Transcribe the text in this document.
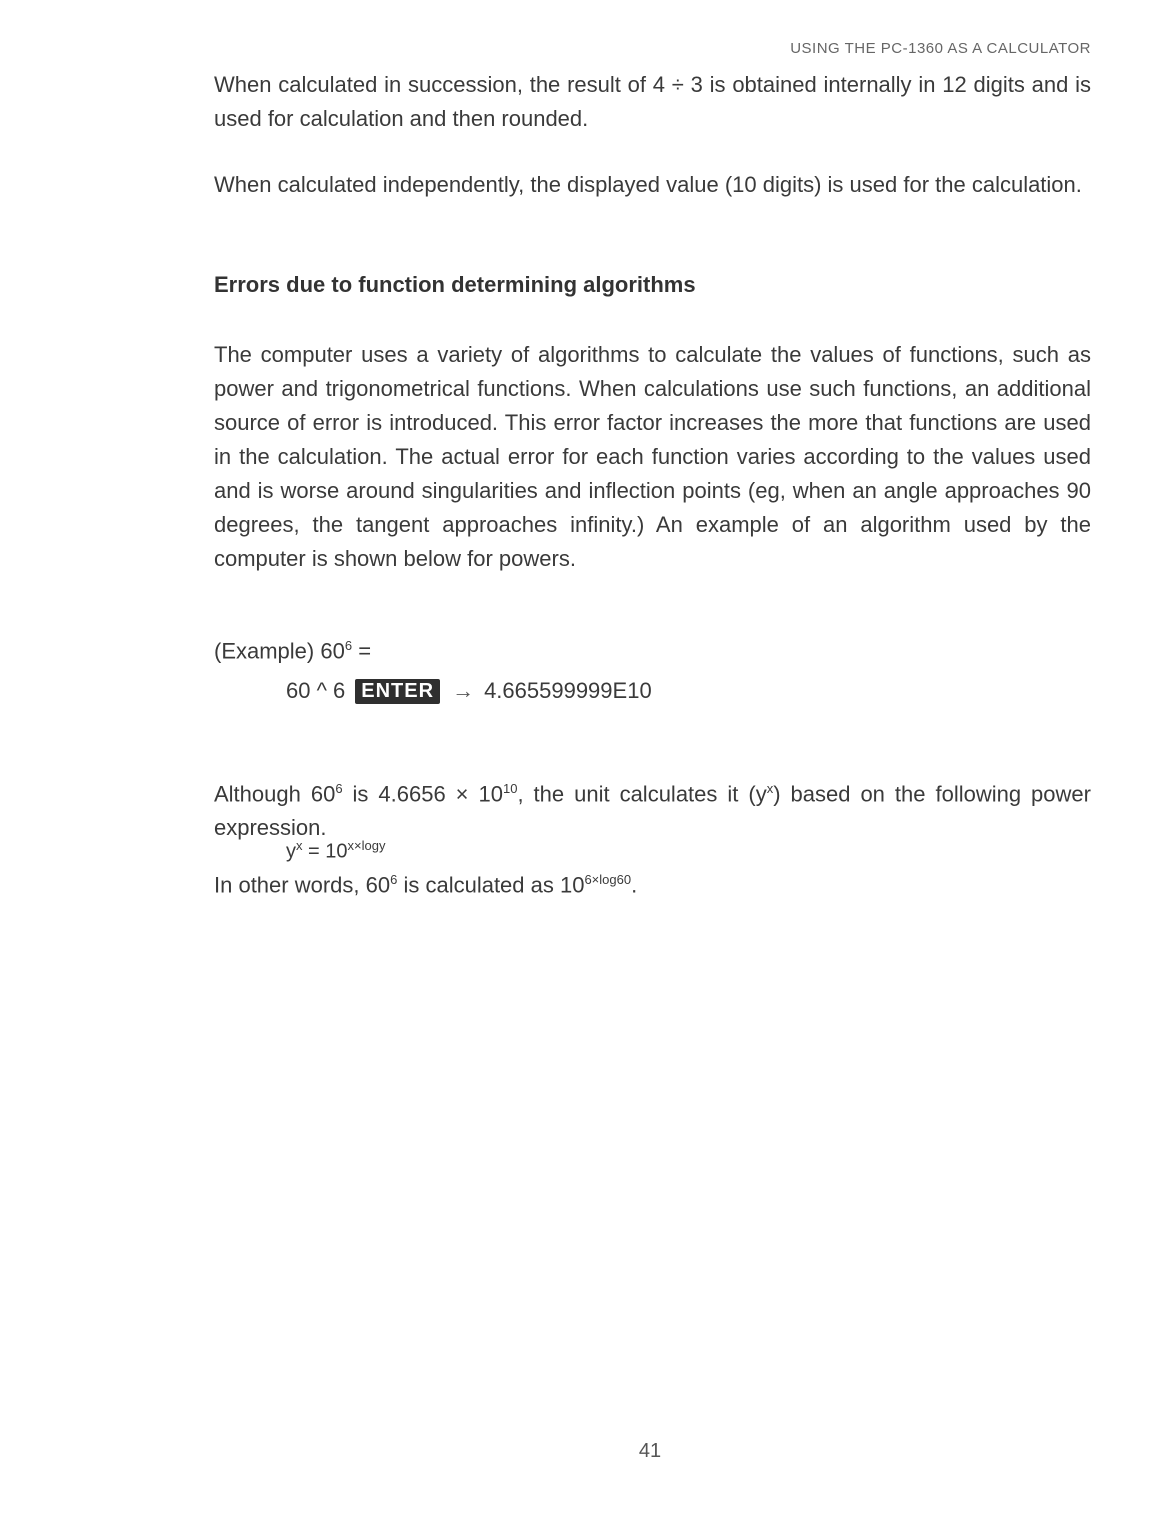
USING THE PC-1360 AS A CALCULATOR

When calculated in succession, the result of 4 ÷ 3 is obtained internally in 12 digits and is used for calculation and then rounded.

When calculated independently, the displayed value (10 digits) is used for the calculation.

Errors due to function determining algorithms

The computer uses a variety of algorithms to calculate the values of functions, such as power and trigonometrical functions. When calculations use such functions, an additional source of error is introduced. This error factor increases the more that functions are used in the calculation. The actual error for each function varies according to the values used and is worse around singularities and inflection points (eg, when an angle approaches 90 degrees, the tangent approaches infinity.) An example of an algorithm used by the computer is shown below for powers.

(Example) $60^6$ =
60 ^ 6 ENTER → 4.665599999E10

Although $60^6$ is $4.6656 \times 10^{10}$, the unit calculates it $(y^x)$ based on the following power expression.

$y^x = 10^{x\times logy}$
In other words, $60^6$ is calculated as $10^{6\times log60}$.
41
